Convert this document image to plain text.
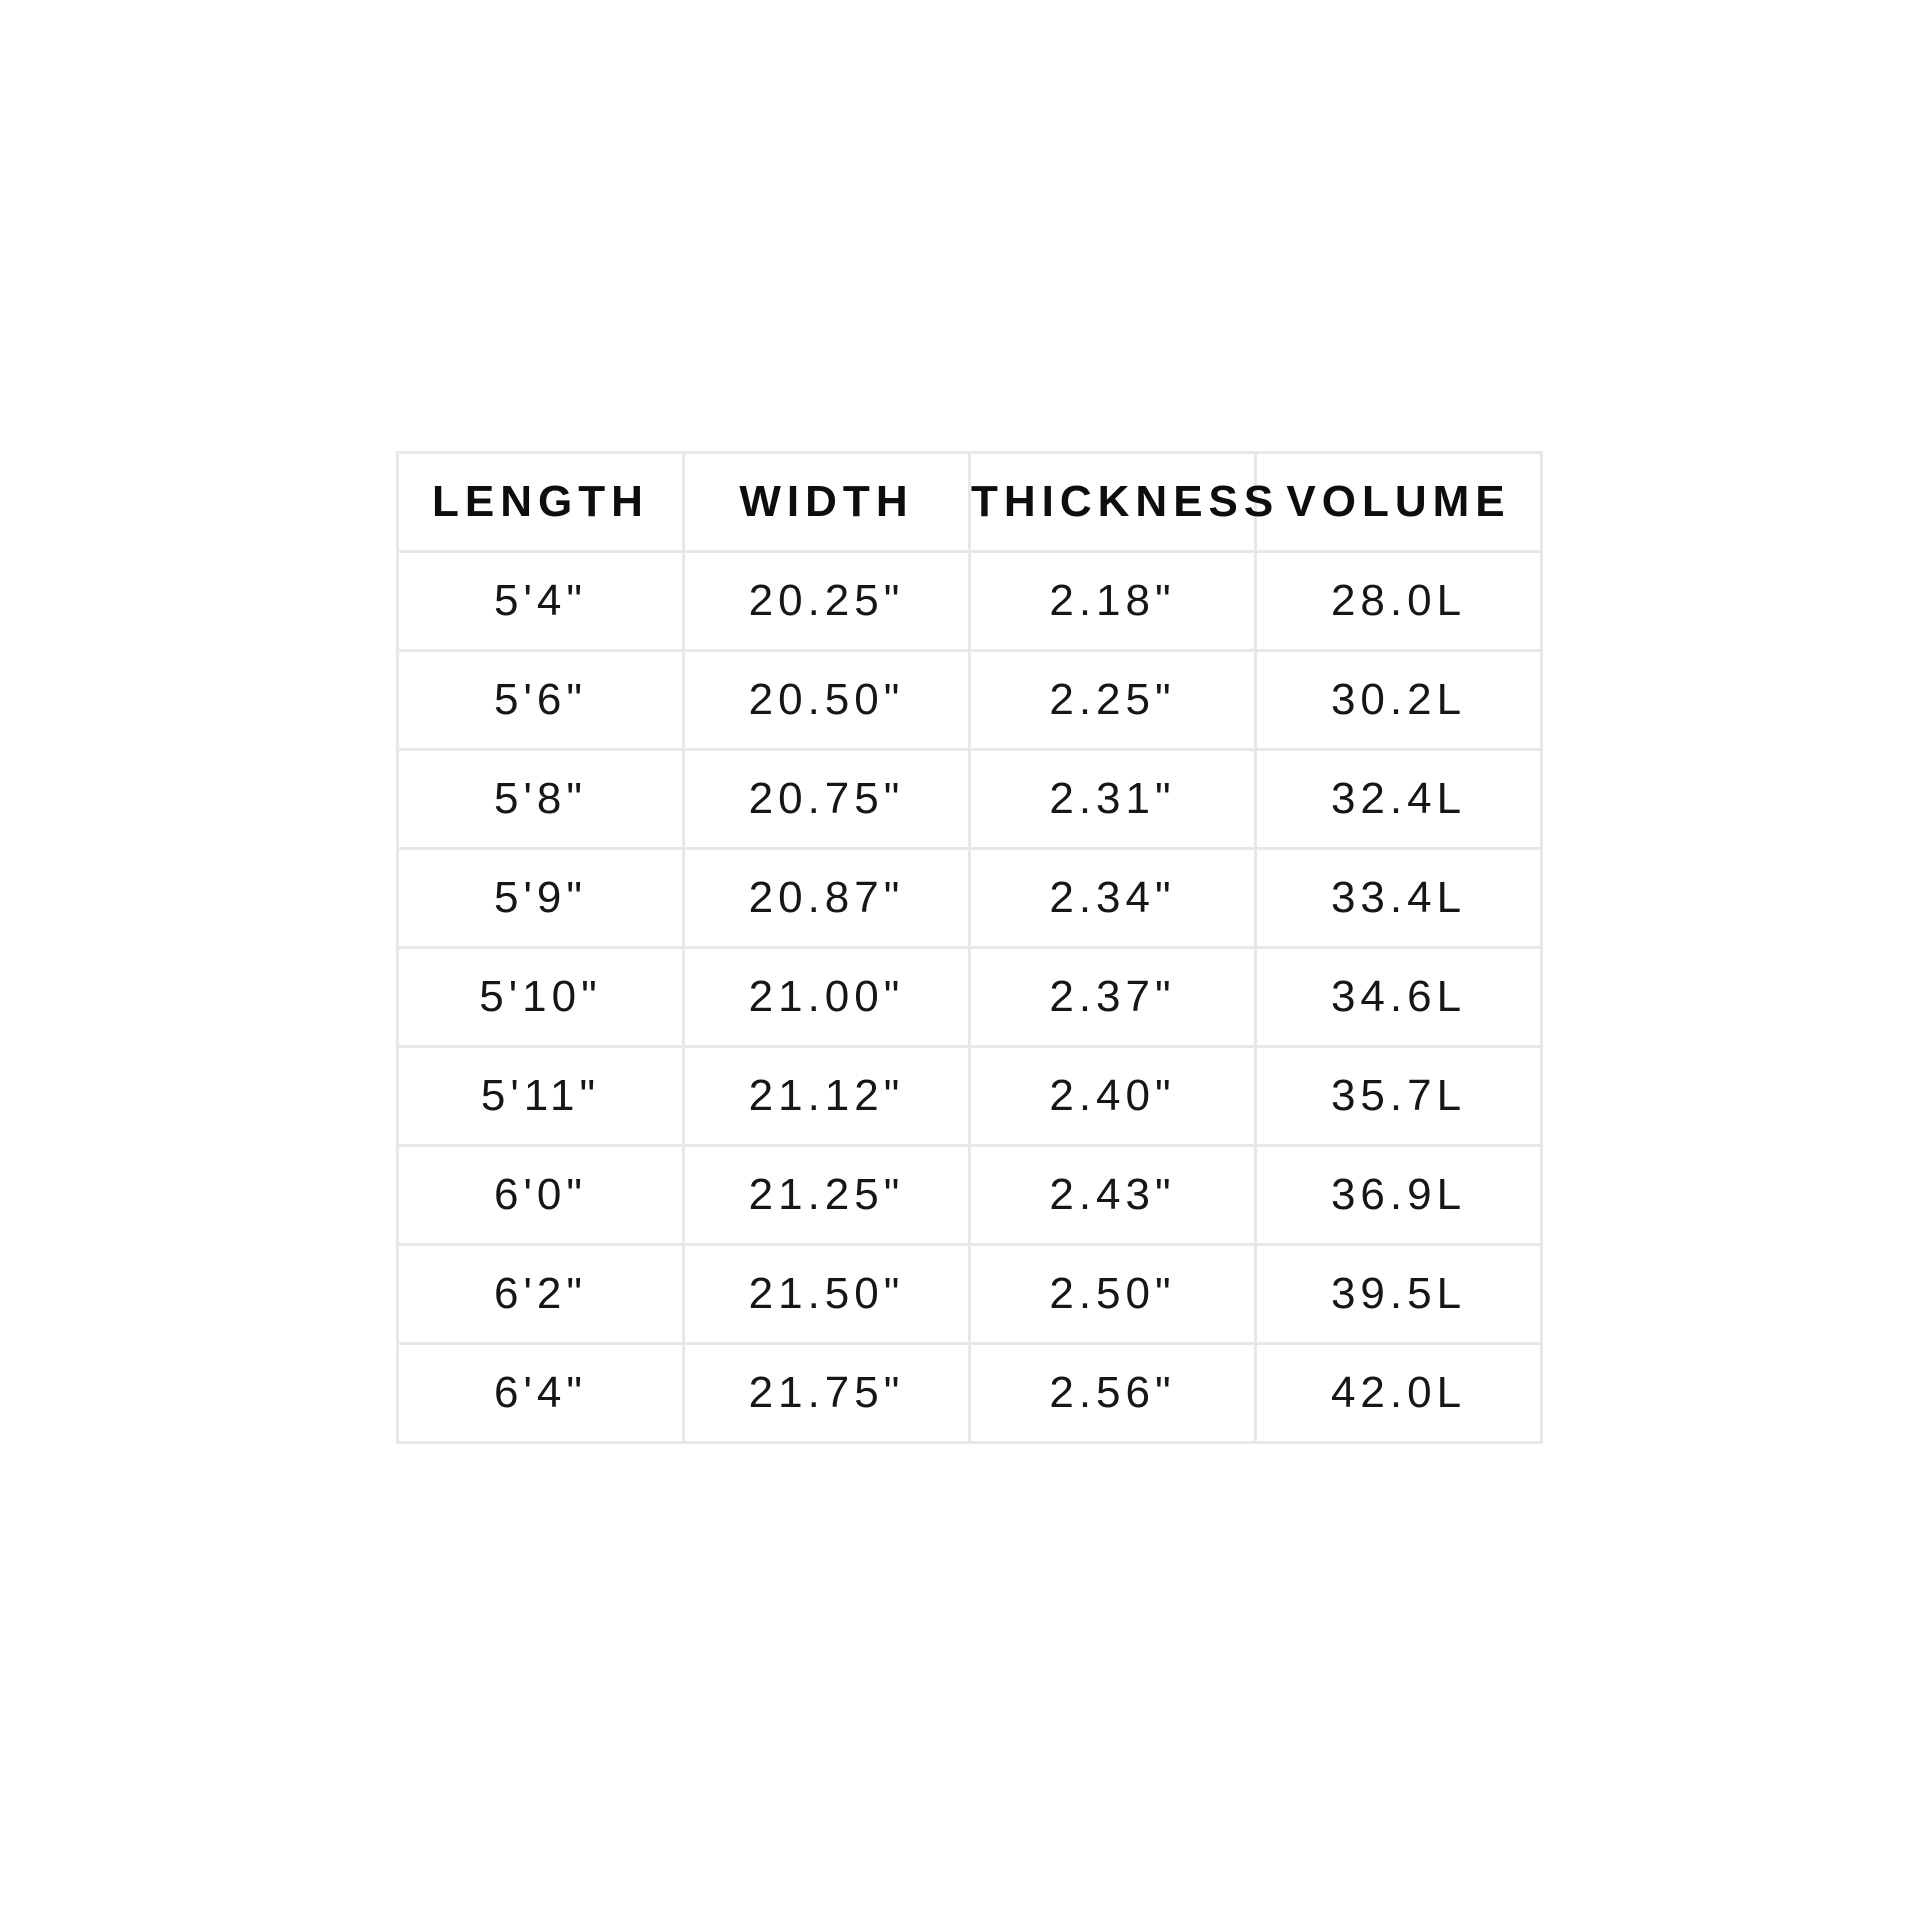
LENGTH	WIDTH	THICKNESS	VOLUME
5'4"	20.25"	2.18"	28.0L
5'6"	20.50"	2.25"	30.2L
5'8"	20.75"	2.31"	32.4L
5'9"	20.87"	2.34"	33.4L
5'10"	21.00"	2.37"	34.6L
5'11"	21.12"	2.40"	35.7L
6'0"	21.25"	2.43"	36.9L
6'2"	21.50"	2.50"	39.5L
6'4"	21.75"	2.56"	42.0L
